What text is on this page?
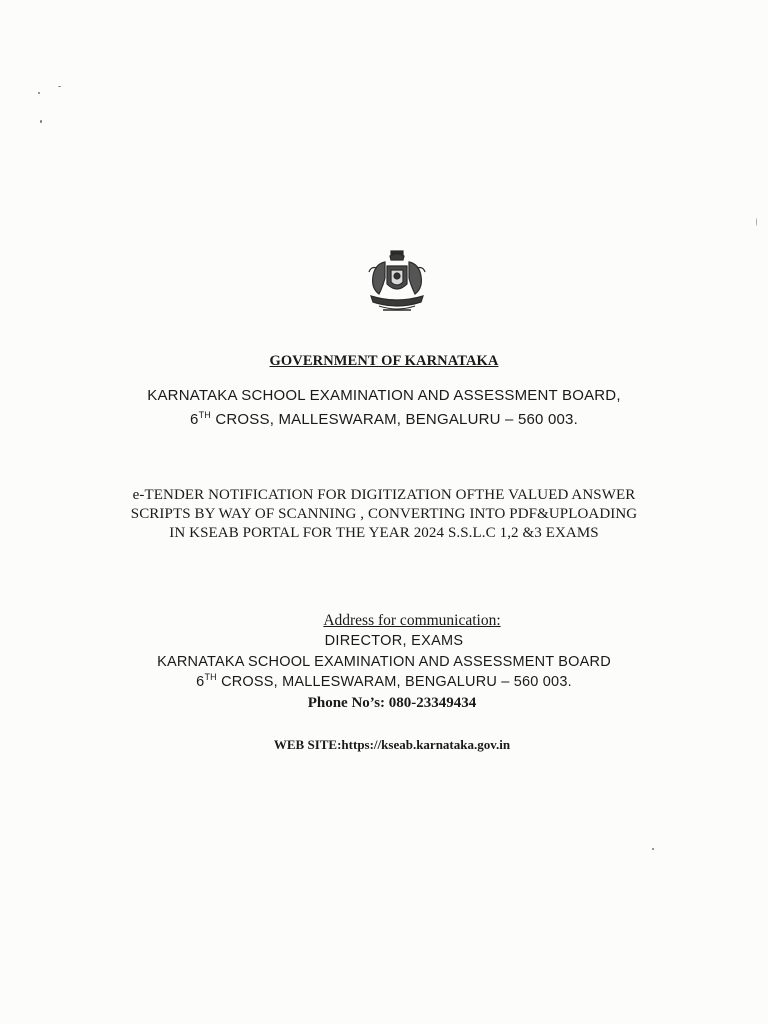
GOVERNMENT OF KARNATAKA
KARNATAKA SCHOOL EXAMINATION AND ASSESSMENT BOARD,
6TH CROSS, MALLESWARAM, BENGALURU – 560 003.
e-TENDER NOTIFICATION FOR DIGITIZATION OFTHE VALUED ANSWER
SCRIPTS BY WAY OF SCANNING , CONVERTING INTO PDF&UPLOADING
IN KSEAB PORTAL FOR THE YEAR 2024 S.S.L.C 1,2 &3 EXAMS
Address for communication:
DIRECTOR, EXAMS
KARNATAKA SCHOOL EXAMINATION AND ASSESSMENT BOARD
6TH CROSS, MALLESWARAM, BENGALURU – 560 003.
Phone No’s: 080-23349434
WEB SITE:https://kseab.karnataka.gov.in
